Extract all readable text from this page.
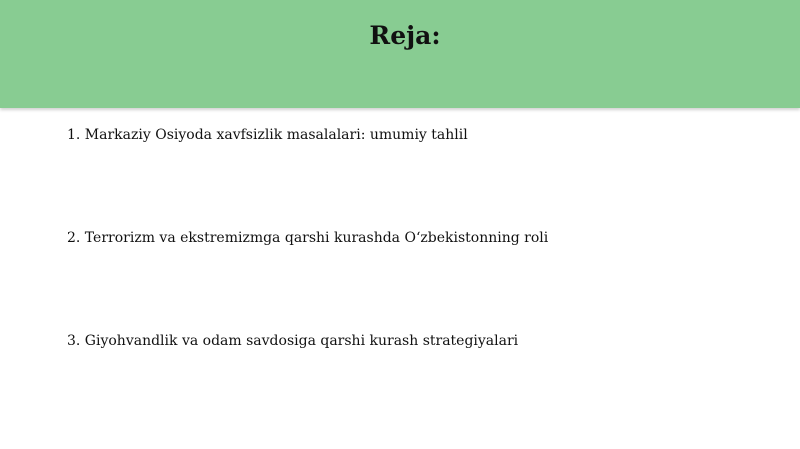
Reja:
1. Markaziy Osiyoda xavfsizlik masalalari: umumiy tahlil
2. Terrorizm va ekstremizmga qarshi kurashda O‘zbekistonning roli
3. Giyohvandlik va odam savdosiga qarshi kurash strategiyalari
